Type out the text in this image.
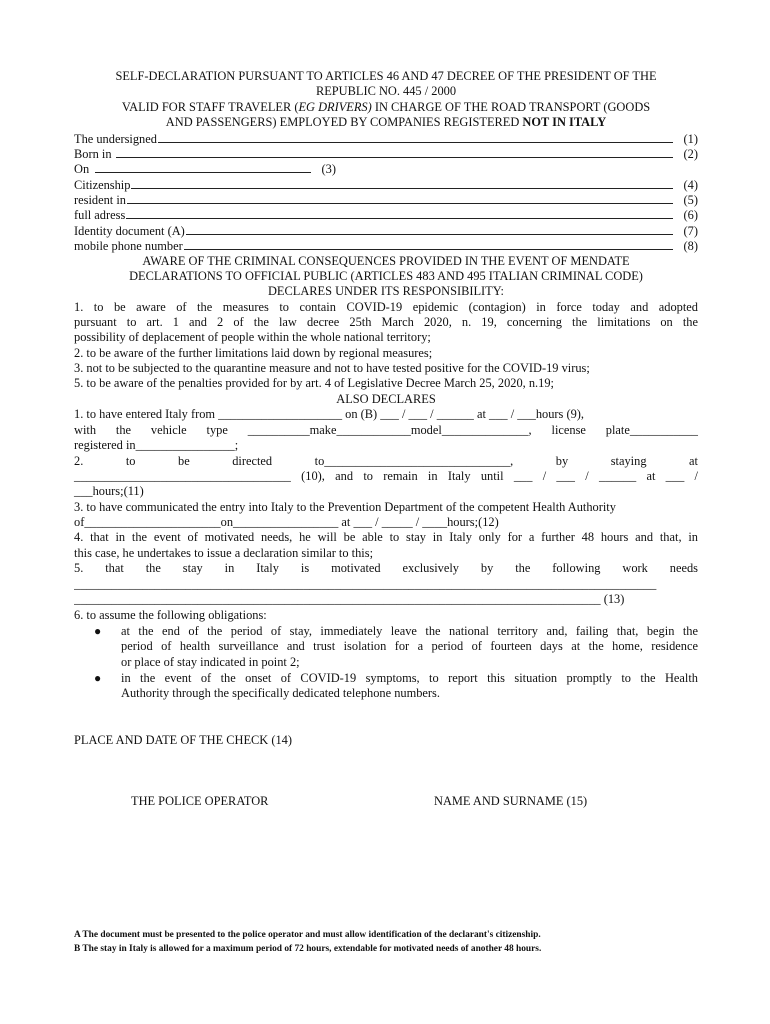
SELF-DECLARATION PURSUANT TO ARTICLES 46 AND 47 DECREE OF THE PRESIDENT OF THE
REPUBLIC NO. 445 / 2000
VALID FOR STAFF TRAVELER (EG DRIVERS) IN CHARGE OF THE ROAD TRANSPORT (GOODS
AND PASSENGERS) EMPLOYED BY COMPANIES REGISTERED NOT IN ITALY
The undersigned	(1)
Born in	(2)
On	(3)
Citizenship	(4)
resident in	(5)
full adress	(6)
Identity document (A)	(7)
mobile phone number	(8)
AWARE OF THE CRIMINAL CONSEQUENCES PROVIDED IN THE EVENT OF MENDATE
DECLARATIONS TO OFFICIAL PUBLIC (ARTICLES 483 AND 495 ITALIAN CRIMINAL CODE)
DECLARES UNDER ITS RESPONSIBILITY:
1. to be aware of the measures to contain COVID-19 epidemic (contagion) in force today and adopted
pursuant to art. 1 and 2 of the law decree 25th March 2020, n. 19, concerning the limitations on the
possibility of deplacement of people within the whole national territory;
2. to be aware of the further limitations laid down by regional measures;
3. not to be subjected to the quarantine measure and not to have tested positive for the COVID-19 virus;
5. to be aware of the penalties provided for by art. 4 of Legislative Decree March 25, 2020, n.19;
ALSO DECLARES
1. to have entered Italy from ____________________ on (B) ___ / ___ / ______ at ___ / ___hours (9),
with the vehicle type __________make____________model______________, license plate___________
registered in________________;
2. to be directed to______________________________, by staying at
___________________________________ (10), and to remain in Italy until ___ / ___ / ______ at ___ /
___hours;(11)
3. to have communicated the entry into Italy to the Prevention Department of the competent Health Authority
of______________________on_________________ at ___ / _____ / ____hours;(12)
4. that in the event of motivated needs, he will be able to stay in Italy only for a further 48 hours and that, in
this case, he undertakes to issue a declaration similar to this;
5. that the stay in Italy is motivated exclusively by the following work needs
______________________________________________________________________________________________
_____________________________________________________________________________________ (13)
6. to assume the following obligations:
● at the end of the period of stay, immediately leave the national territory and, failing that, begin the
period of health surveillance and trust isolation for a period of fourteen days at the home, residence
or place of stay indicated in point 2;
● in the event of the onset of COVID-19 symptoms, to report this situation promptly to the Health
Authority through the specifically dedicated telephone numbers.
PLACE AND DATE OF THE CHECK (14)
THE POLICE OPERATOR	NAME AND SURNAME (15)
A The document must be presented to the police operator and must allow identification of the declarant's citizenship.
B The stay in Italy is allowed for a maximum period of 72 hours, extendable for motivated needs of another 48 hours.
